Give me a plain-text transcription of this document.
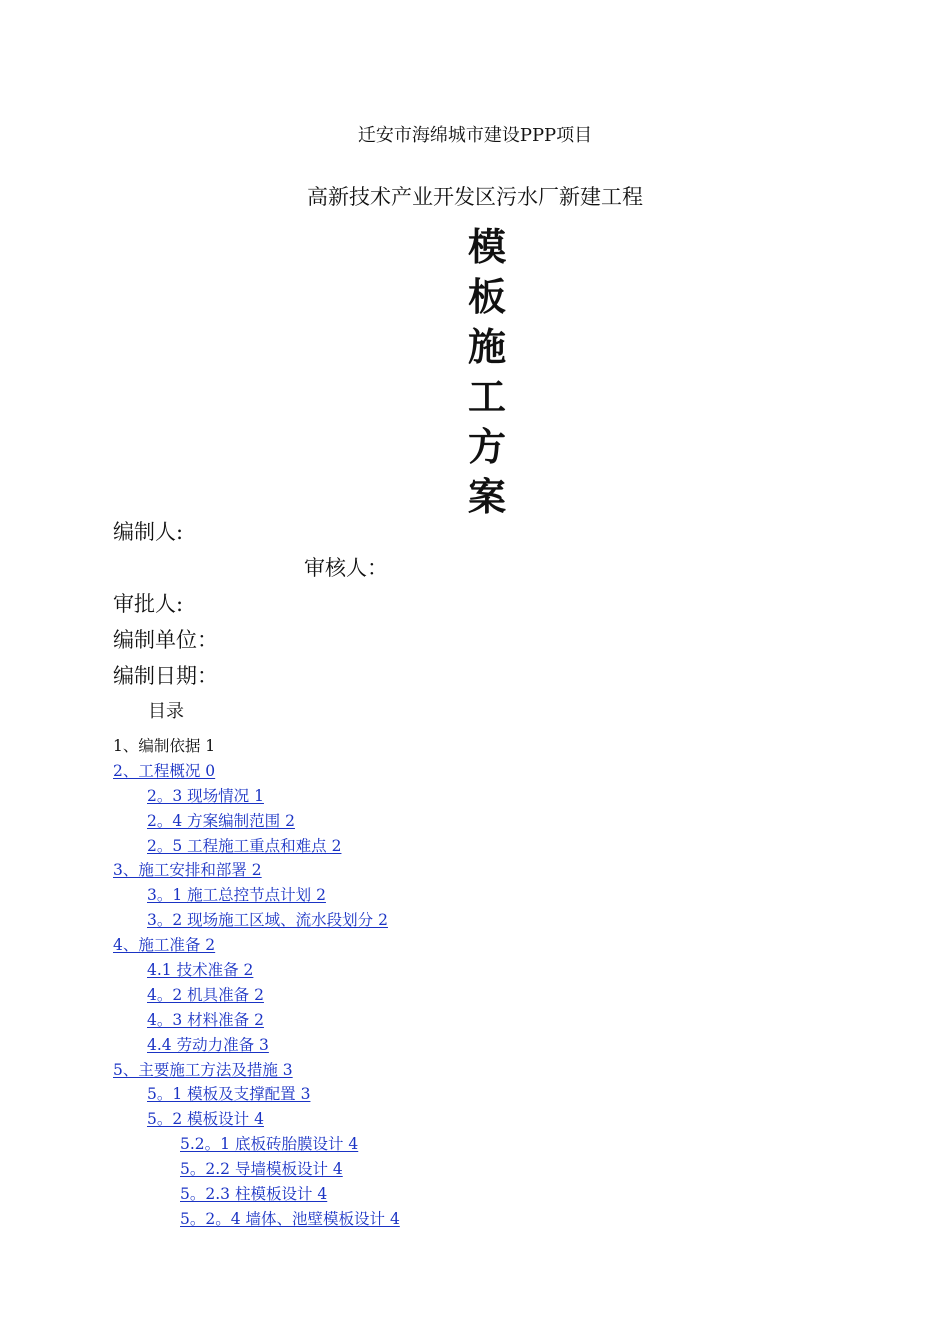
迁安市海绵城市建设PPP项目
高新技术产业开发区污水厂新建工程
模
板
施
工
方
案
编制人:
审核人：
审批人:
编制单位：
编制日期：
目录
1、编制依据 1
2、工程概况 0
2。3 现场情况 1
2。4 方案编制范围 2
2。5 工程施工重点和难点 2
3、施工安排和部署 2
3。1 施工总控节点计划 2
3。2 现场施工区域、流水段划分 2
4、施工准备 2
4.1 技术准备 2
4。2 机具准备 2
4。3 材料准备 2
4.4 劳动力准备 3
5、主要施工方法及措施 3
5。1 模板及支撑配置 3
5。2 模板设计 4
5.2。1 底板砖胎膜设计 4
5。2.2 导墙模板设计 4
5。2.3 柱模板设计 4
5。2。4 墙体、池壁模板设计 4
